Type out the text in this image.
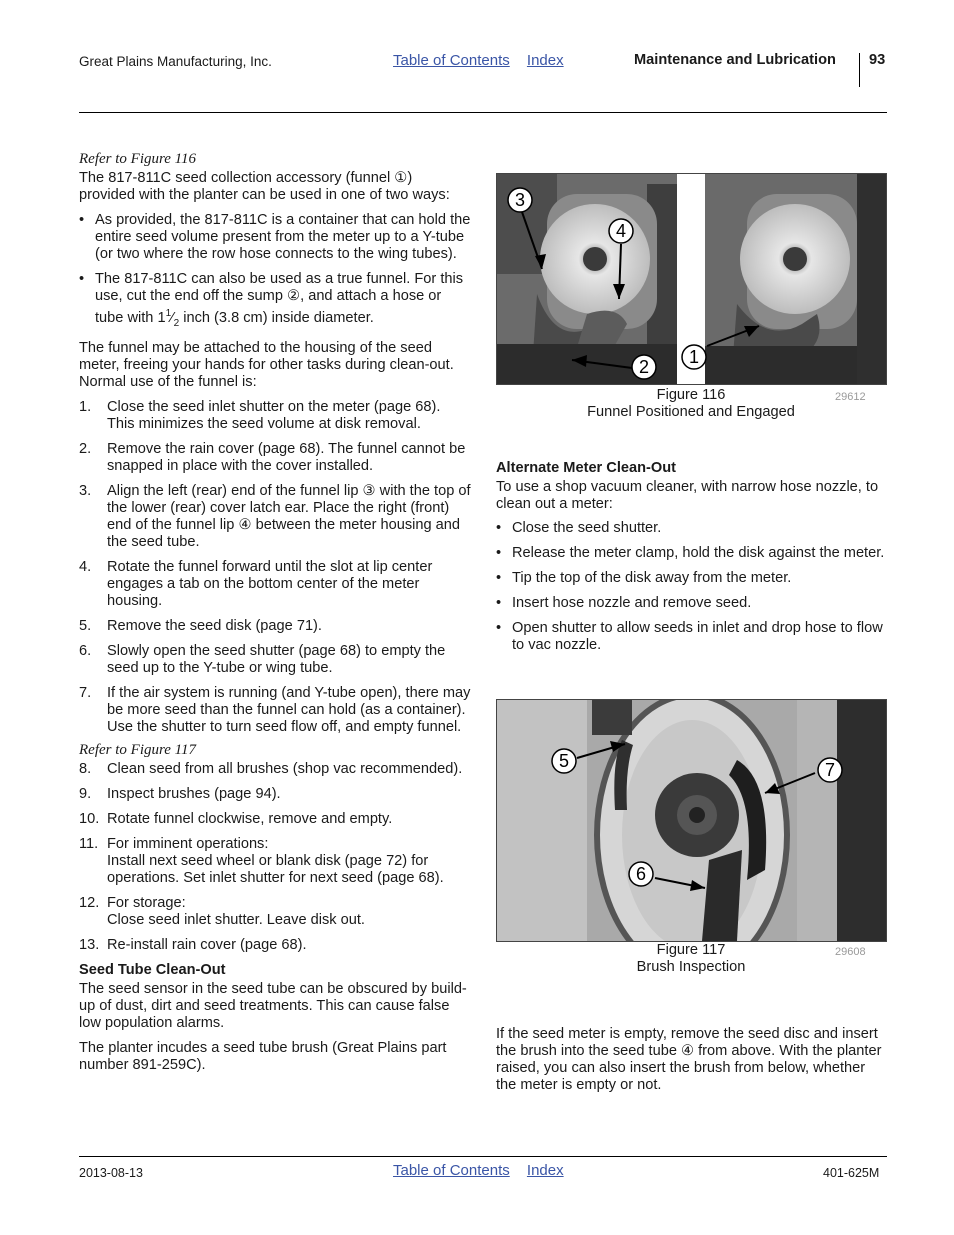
Great Plains Manufacturing, Inc.	Table of Contents Index	Maintenance and Lubrication 93
Refer to Figure 116

The 817-811C seed collection accessory (funnel ①) provided with the planter can be used in one of two ways:

• As provided, the 817-811C is a container that can hold the entire seed volume present from the meter up to a Y-tube (or two where the row hose connects to the wing tubes).
• The 817-811C can also be used as a true funnel. For this use, cut the end off the sump ②, and attach a hose or tube with $1^1⁄_2$ inch (3.8 cm) inside diameter.

The funnel may be attached to the housing of the seed meter, freeing your hands for other tasks during clean-out. Normal use of the funnel is:

1. Close the seed inlet shutter on the meter (page 68). This minimizes the seed volume at disk removal.
2. Remove the rain cover (page 68). The funnel cannot be snapped in place with the cover installed.
3. Align the left (rear) end of the funnel lip ③ with the top of the lower (rear) cover latch ear. Place the right (front) end of the funnel lip ④ between the meter housing and the seed tube.
4. Rotate the funnel forward until the slot at lip center engages a tab on the bottom center of the meter housing.
5. Remove the seed disk (page 71).
6. Slowly open the seed shutter (page 68) to empty the seed up to the Y-tube or wing tube.
7. If the air system is running (and Y-tube open), there may be more seed than the funnel can hold (as a container). Use the shutter to turn seed flow off, and empty funnel.
Refer to Figure 117
8. Clean seed from all brushes (shop vac recommended).
9. Inspect brushes (page 94).
10. Rotate funnel clockwise, remove and empty.
11. For imminent operations:
Install next seed wheel or blank disk (page 72) for operations. Set inlet shutter for next seed (page 68).
12. For storage:
Close seed inlet shutter. Leave disk out.
13. Re-install rain cover (page 68).
Seed Tube Clean-Out

The seed sensor in the seed tube can be obscured by build-up of dust, dirt and seed treatments. This can cause false low population alarms.

The planter incudes a seed tube brush (Great Plains part number 891-259C).

3
4
2 1
Figure 116
Funnel Positioned and Engaged
29612
Alternate Meter Clean-Out

To use a shop vacuum cleaner, with narrow hose nozzle, to clean out a meter:

• Close the seed shutter.
• Release the meter clamp, hold the disk against the meter.
• Tip the top of the disk away from the meter.
• Insert hose nozzle and remove seed.
• Open shutter to allow seeds in inlet and drop hose to flow to vac nozzle.
5	7
6
Figure 117
Brush Inspection
29608

If the seed meter is empty, remove the seed disc and insert the brush into the seed tube ④ from above. With the planter raised, you can also insert the brush from below, whether the meter is empty or not.

2013-08-13	Table of Contents Index	401-625M
